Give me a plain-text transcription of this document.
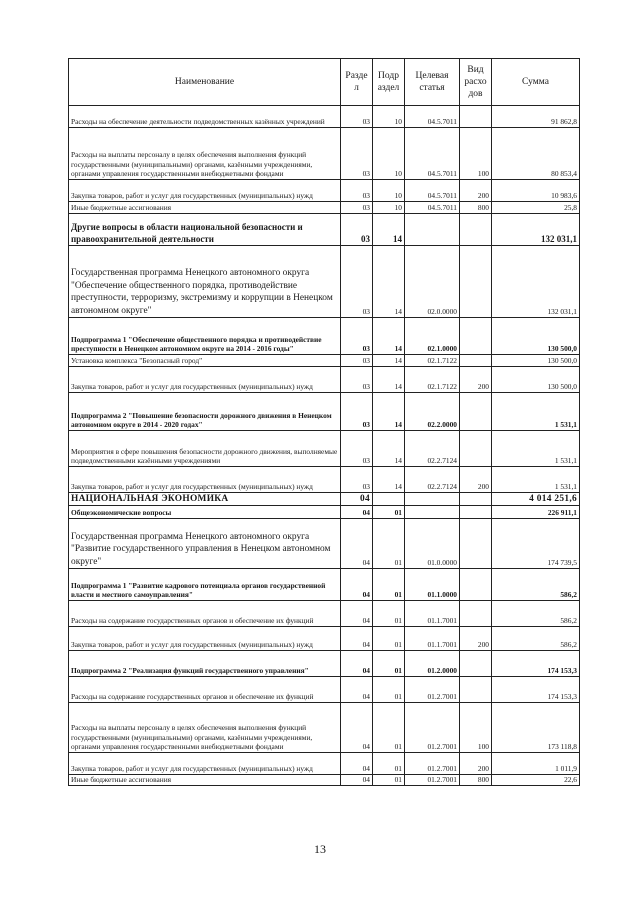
Наименование	Разде л	Подр аздел	Целевая статья	Вид расхо дов	Сумма
Расходы на обеспечение деятельности подведомственных казённых учреждений	03	10	04.5.7011		91 862,8
Расходы на выплаты персоналу в целях обеспечения выполнения функций государственными (муниципальными) органами, казёнными учреждениями, органами управления государственными внебюджетными фондами	03	10	04.5.7011	100	80 853,4
Закупка товаров, работ и услуг для государственных (муниципальных) нужд	03	10	04.5.7011	200	10 983,6
Иные бюджетные ассигнования	03	10	04.5.7011	800	25,8
Другие вопросы в области национальной безопасности и правоохранительной деятельности	03	14			132 031,1
Государственная программа Ненецкого автономного округа "Обеспечение общественного порядка, противодействие преступности, терроризму, экстремизму и коррупции в Ненецком автономном округе"	03	14	02.0.0000		132 031,1
Подпрограмма 1 "Обеспечение общественного порядка и противодействие преступности в Ненецком автономном округе на 2014 - 2016 годы"	03	14	02.1.0000		130 500,0
Установка комплекса "Безопасный город"	03	14	02.1.7122		130 500,0
Закупка товаров, работ и услуг для государственных (муниципальных) нужд	03	14	02.1.7122	200	130 500,0
Подпрограмма 2 "Повышение безопасности дорожного движения в Ненецком автономном округе в 2014 - 2020 годах"	03	14	02.2.0000		1 531,1
Мероприятия в сфере повышения безопасности дорожного движения, выполняемые подведомственными казёнными учреждениями	03	14	02.2.7124		1 531,1
Закупка товаров, работ и услуг для государственных (муниципальных) нужд	03	14	02.2.7124	200	1 531,1
НАЦИОНАЛЬНАЯ ЭКОНОМИКА	04				4 014 251,6
Общеэкономические вопросы	04	01			226 911,1
Государственная программа Ненецкого автономного округа "Развитие государственного управления в Ненецком автономном округе"	04	01	01.0.0000		174 739,5
Подпрограмма 1 "Развитие кадрового потенциала органов государственной власти и местного самоуправления"	04	01	01.1.0000		586,2
Расходы на содержание государственных органов и обеспечение их функций	04	01	01.1.7001		586,2
Закупка товаров, работ и услуг для государственных (муниципальных) нужд	04	01	01.1.7001	200	586,2
Подпрограмма 2 "Реализация функций государственного управления"	04	01	01.2.0000		174 153,3
Расходы на содержание государственных органов и обеспечение их функций	04	01	01.2.7001		174 153,3
Расходы на выплаты персоналу в целях обеспечения выполнения функций государственными (муниципальными) органами, казёнными учреждениями, органами управления государственными внебюджетными фондами	04	01	01.2.7001	100	173 118,8
Закупка товаров, работ и услуг для государственных (муниципальных) нужд	04	01	01.2.7001	200	1 011,9
Иные бюджетные ассигнования	04	01	01.2.7001	800	22,6
13
